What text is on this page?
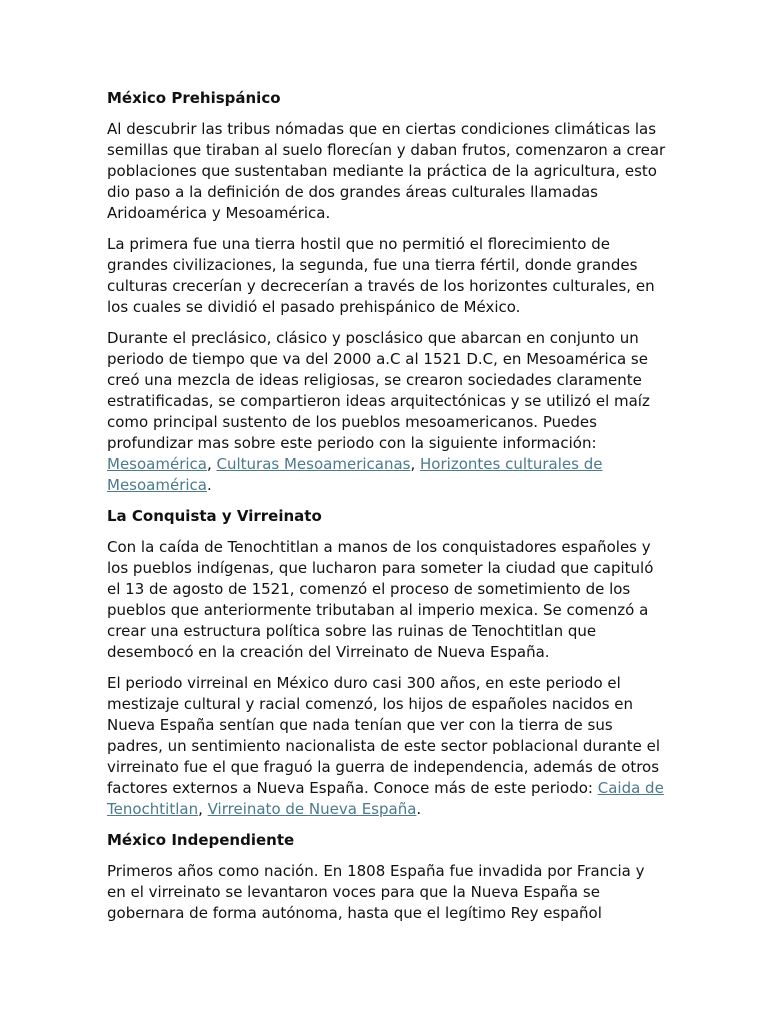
México Prehispánico

Al descubrir las tribus nómadas que en ciertas condiciones climáticas las semillas que tiraban al suelo florecían y daban frutos, comenzaron a crear poblaciones que sustentaban mediante la práctica de la agricultura, esto dio paso a la definición de dos grandes áreas culturales llamadas Aridoamérica y Mesoamérica.

La primera fue una tierra hostil que no permitió el florecimiento de grandes civilizaciones, la segunda, fue una tierra fértil, donde grandes culturas crecerían y decrecerían a través de los horizontes culturales, en los cuales se dividió el pasado prehispánico de México.

Durante el preclásico, clásico y posclásico que abarcan en conjunto un periodo de tiempo que va del 2000 a.C al 1521 D.C, en Mesoamérica se creó una mezcla de ideas religiosas, se crearon sociedades claramente estratificadas, se compartieron ideas arquitectónicas y se utilizó el maíz como principal sustento de los pueblos mesoamericanos. Puedes profundizar mas sobre este periodo con la siguiente información: Mesoamérica, Culturas Mesoamericanas, Horizontes culturales de Mesoamérica.

La Conquista y Virreinato

Con la caída de Tenochtitlan a manos de los conquistadores españoles y los pueblos indígenas, que lucharon para someter la ciudad que capituló el 13 de agosto de 1521, comenzó el proceso de sometimiento de los pueblos que anteriormente tributaban al imperio mexica. Se comenzó a crear una estructura política sobre las ruinas de Tenochtitlan que desembocó en la creación del Virreinato de Nueva España.

El periodo virreinal en México duro casi 300 años, en este periodo el mestizaje cultural y racial comenzó, los hijos de españoles nacidos en Nueva España sentían que nada tenían que ver con la tierra de sus padres, un sentimiento nacionalista de este sector poblacional durante el virreinato fue el que fraguó la guerra de independencia, además de otros factores externos a Nueva España. Conoce más de este periodo: Caida de Tenochtitlan, Virreinato de Nueva España.

México Independiente

Primeros años como nación. En 1808 España fue invadida por Francia y en el virreinato se levantaron voces para que la Nueva España se gobernara de forma autónoma, hasta que el legítimo Rey español
